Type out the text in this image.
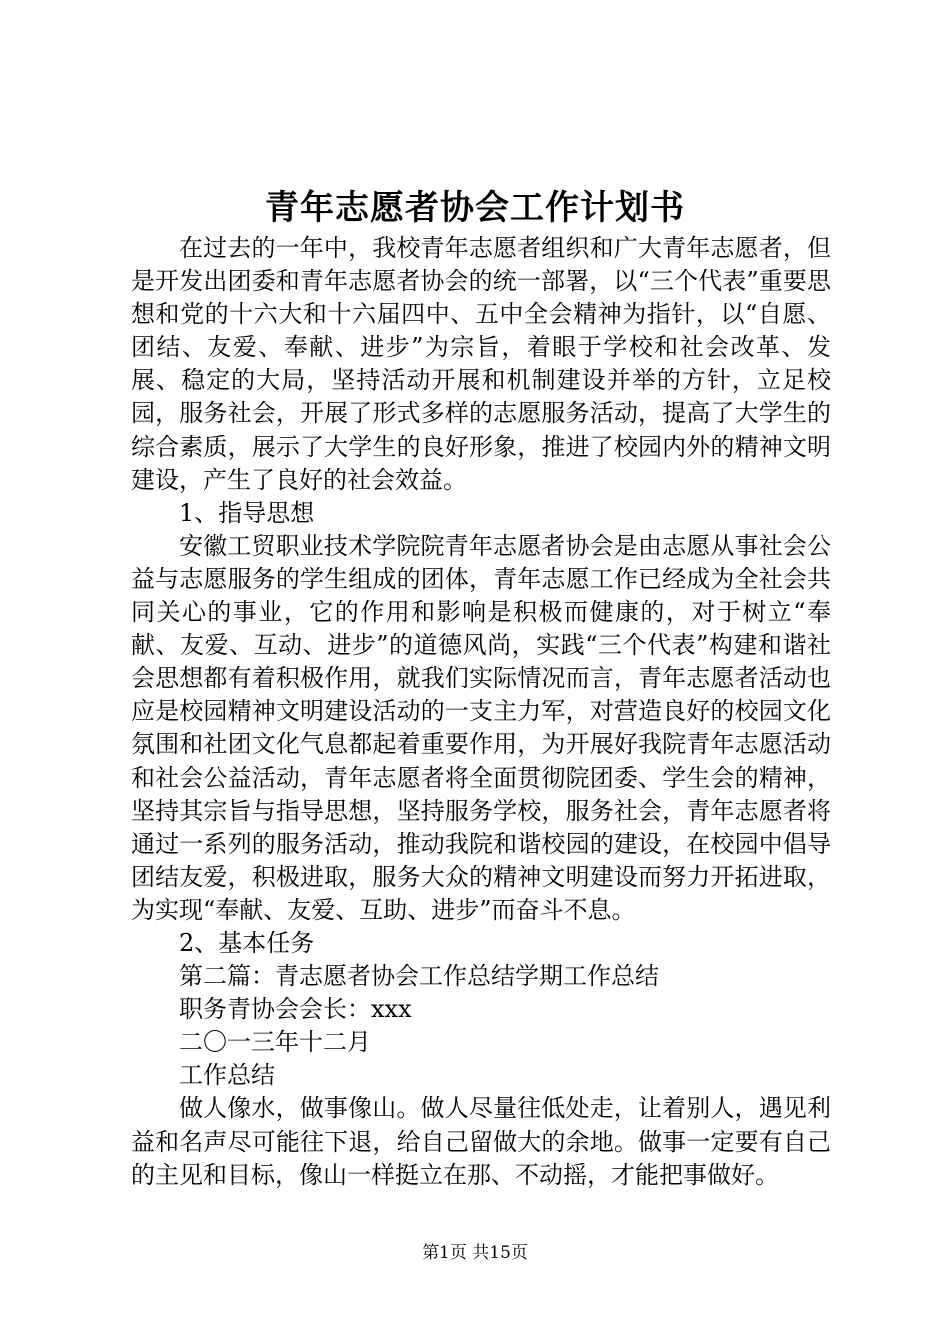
青年志愿者协会工作计划书

在过去的一年中，我校青年志愿者组织和广大青年志愿者，但是开发出团委和青年志愿者协会的统一部署，以“三个代表”重要思想和党的十六大和十六届四中、五中全会精神为指针，以“自愿、团结、友爱、奉献、进步”为宗旨，着眼于学校和社会改革、发展、稳定的大局，坚持活动开展和机制建设并举的方针，立足校园，服务社会，开展了形式多样的志愿服务活动，提高了大学生的综合素质，展示了大学生的良好形象，推进了校园内外的精神文明建设，产生了良好的社会效益。

1、指导思想

安徽工贸职业技术学院院青年志愿者协会是由志愿从事社会公益与志愿服务的学生组成的团体，青年志愿工作已经成为全社会共同关心的事业，它的作用和影响是积极而健康的，对于树立“奉献、友爱、互动、进步”的道德风尚，实践“三个代表”构建和谐社会思想都有着积极作用，就我们实际情况而言，青年志愿者活动也应是校园精神文明建设活动的一支主力军，对营造良好的校园文化氛围和社团文化气息都起着重要作用，为开展好我院青年志愿活动和社会公益活动，青年志愿者将全面贯彻院团委、学生会的精神，坚持其宗旨与指导思想，坚持服务学校，服务社会，青年志愿者将通过一系列的服务活动，推动我院和谐校园的建设，在校园中倡导团结友爱，积极进取，服务大众的精神文明建设而努力开拓进取，为实现“奉献、友爱、互助、进步”而奋斗不息。

2、基本任务

第二篇：青志愿者协会工作总结学期工作总结

职务青协会会长：xxx

二〇一三年十二月

工作总结

做人像水，做事像山。做人尽量往低处走，让着别人，遇见利益和名声尽可能往下退，给自己留做大的余地。做事一定要有自己的主见和目标，像山一样挺立在那、不动摇，才能把事做好。

第1页 共15页
